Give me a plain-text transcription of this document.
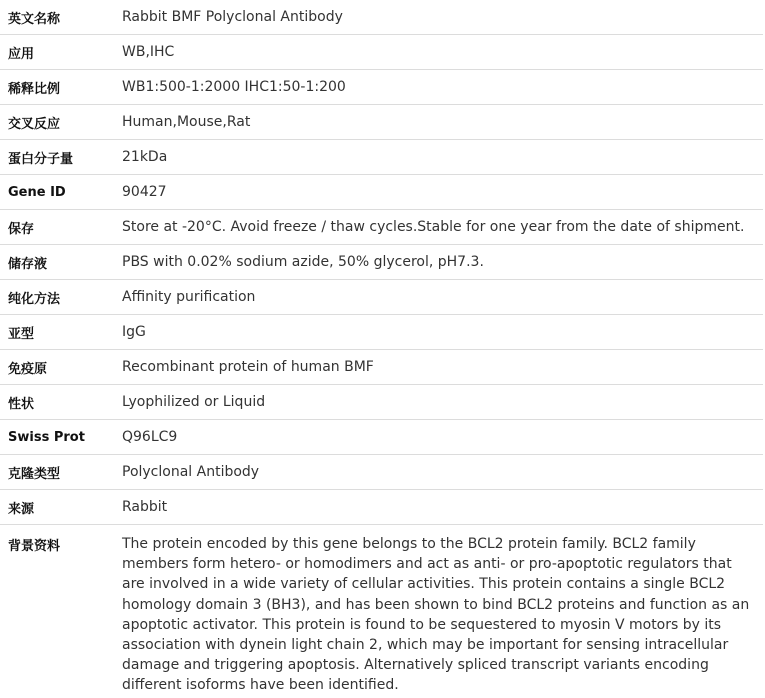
英文名称	Rabbit BMF Polyclonal Antibody
应用	WB,IHC
稀释比例	WB1:500-1:2000 IHC1:50-1:200
交叉反应	Human,Mouse,Rat
蛋白分子量	21kDa
Gene ID	90427
保存	Store at -20°C. Avoid freeze / thaw cycles.Stable for one year from the date of shipment.
储存液	PBS with 0.02% sodium azide, 50% glycerol, pH7.3.
纯化方法	Affinity purification
亚型	IgG
免疫原	Recombinant protein of human BMF
性状	Lyophilized or Liquid
Swiss Prot	Q96LC9
克隆类型	Polyclonal Antibody
来源	Rabbit
背景资料	The protein encoded by this gene belongs to the BCL2 protein family. BCL2 family members form hetero- or homodimers and act as anti- or pro-apoptotic regulators that are involved in a wide variety of cellular activities. This protein contains a single BCL2 homology domain 3 (BH3), and has been shown to bind BCL2 proteins and function as an apoptotic activator. This protein is found to be sequestered to myosin V motors by its association with dynein light chain 2, which may be important for sensing intracellular damage and triggering apoptosis. Alternatively spliced transcript variants encoding different isoforms have been identified.
